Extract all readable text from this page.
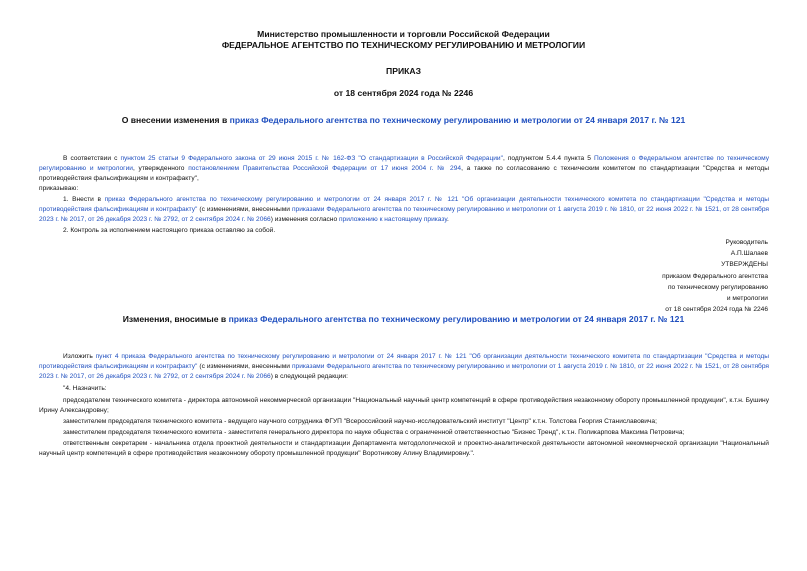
Министерство промышленности и торговли Российской Федерации
ФЕДЕРАЛЬНОЕ АГЕНТСТВО ПО ТЕХНИЧЕСКОМУ РЕГУЛИРОВАНИЮ И МЕТРОЛОГИИ
ПРИКАЗ
от 18 сентября 2024 года № 2246
О внесении изменения в приказ Федерального агентства по техническому регулированию и метрологии от 24 января 2017 г. № 121
В соответствии с пунктом 25 статьи 9 Федерального закона от 29 июня 2015 г. № 162-ФЗ "О стандартизации в Российской Федерации", подпунктом 5.4.4 пункта 5 Положения о Федеральном агентстве по техническому регулированию и метрологии, утвержденного постановлением Правительства Российской Федерации от 17 июня 2004 г. № 294, а также по согласованию с техническим комитетом по стандартизации "Средства и методы противодействия фальсификациям и контрафакту",
приказываю:
1. Внести в приказ Федерального агентства по техническому регулированию и метрологии от 24 января 2017 г. № 121 "Об организации деятельности технического комитета по стандартизации "Средства и методы противодействия фальсификациям и контрафакту" (с изменениями, внесенными приказами Федерального агентства по техническому регулированию и метрологии от 1 августа 2019 г. № 1810, от 22 июня 2022 г. № 1521, от 28 сентября 2023 г. № 2017, от 26 декабря 2023 г. № 2792, от 2 сентября 2024 г. № 2066) изменения согласно приложению к настоящему приказу.
2. Контроль за исполнением настоящего приказа оставляю за собой.
Руководитель
А.П.Шалаев
УТВЕРЖДЕНЫ
приказом Федерального агентства
по техническому регулированию
и метрологии
от 18 сентября 2024 года № 2246
Изменения, вносимые в приказ Федерального агентства по техническому регулированию и метрологии от 24 января 2017 г. № 121
Изложить пункт 4 приказа Федерального агентства по техническому регулированию и метрологии от 24 января 2017 г. № 121 "Об организации деятельности технического комитета по стандартизации "Средства и методы противодействия фальсификациям и контрафакту" (с изменениями, внесенными приказами Федерального агентства по техническому регулированию и метрологии от 1 августа 2019 г. № 1810, от 22 июня 2022 г. № 1521, от 28 сентября 2023 г. № 2017, от 26 декабря 2023 г. № 2792, от 2 сентября 2024 г. № 2066) в следующей редакции:
"4. Назначить:
председателем технического комитета - директора автономной некоммерческой организации "Национальный научный центр компетенций в сфере противодействия незаконному обороту промышленной продукции", к.т.н. Бушину Ирину Александровну;
заместителем председателя технического комитета - ведущего научного сотрудника ФГУП "Всероссийский научно-исследовательский институт "Центр" к.т.н. Толстова Георгия Станиславовича;
заместителем председателя технического комитета - заместителя генерального директора по науке общества с ограниченной ответственностью "Бизнес Тренд", к.т.н. Поликарпова Максима Петровича;
ответственным секретарем - начальника отдела проектной деятельности и стандартизации Департамента методологической и проектно-аналитической деятельности автономной некоммерческой организации "Национальный научный центр компетенций в сфере противодействия незаконному обороту промышленной продукции" Воротникову Алину Владимировну.".
